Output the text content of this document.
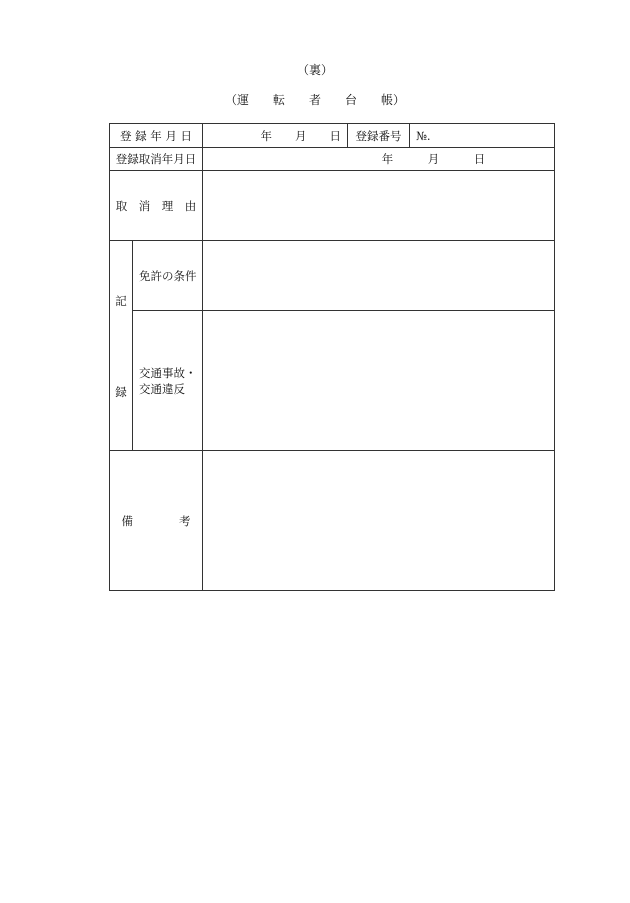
（裏）
（運　　転　　者　　台　　帳）
登 録 年 月 日		年　　月　　日	登録番号	№.
登録取消年月日		年　　　月　　　日		
取　消　理　由				

記
録	免許の条件			

	交通事故・
交通違反			

備　　　　考				
